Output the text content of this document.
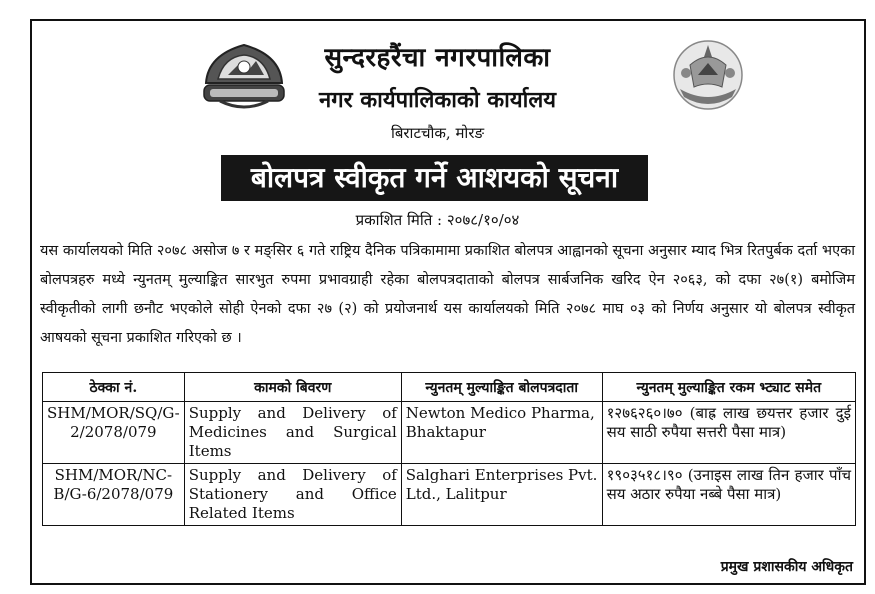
सुन्दरहरैंचा नगरपालिका
नगर कार्यपालिकाको कार्यालय
बिराटचौक, मोरङ
बोलपत्र स्वीकृत गर्ने आशयको सूचना
प्रकाशित मिति : २०७८/१०/०४
यस कार्यालयको मिति २०७८ असोज ७ र मङ्सिर ६ गते राष्ट्रिय दैनिक पत्रिकामामा प्रकाशित बोलपत्र आह्वानको सूचना अनुसार म्याद भित्र रितपुर्बक दर्ता भएका बोलपत्रहरु मध्ये न्युनतम् मुल्याङ्कित सारभुत रुपमा प्रभावग्राही रहेका बोलपत्रदाताको बोलपत्र सार्बजनिक खरिद ऐन २०६३, को दफा २७(१) बमोजिम स्वीकृतीको लागी छनौट भएकोले सोही ऐनको दफा २७ (२) को प्रयोजनार्थ यस कार्यालयको मिति २०७८ माघ ०३ को निर्णय अनुसार यो बोलपत्र स्वीकृत आषयको सूचना प्रकाशित गरिएको छ ।
ठेक्का नं.	कामको बिवरण	न्युनतम् मुल्याङ्कित बोलपत्रदाता	न्युनतम् मुल्याङ्कित रकम भ्ट्याट समेत
SHM/MOR/SQ/G-2/2078/079	Supply and Delivery of Medicines and Surgical Items	Newton Medico Pharma, Bhaktapur	१२७६२६०।७० (बाह्र लाख छयत्तर हजार दुई सय साठी रुपैया सत्तरी पैसा मात्र)
SHM/MOR/NC-B/G-6/2078/079	Supply and Delivery of Stationery and Office Related Items	Salghari Enterprises Pvt. Ltd., Lalitpur	१९०३५१८।९० (उनाइस लाख तिन हजार पाँच सय अठार रुपैया नब्बे पैसा मात्र)
प्रमुख प्रशासकीय अधिकृत
